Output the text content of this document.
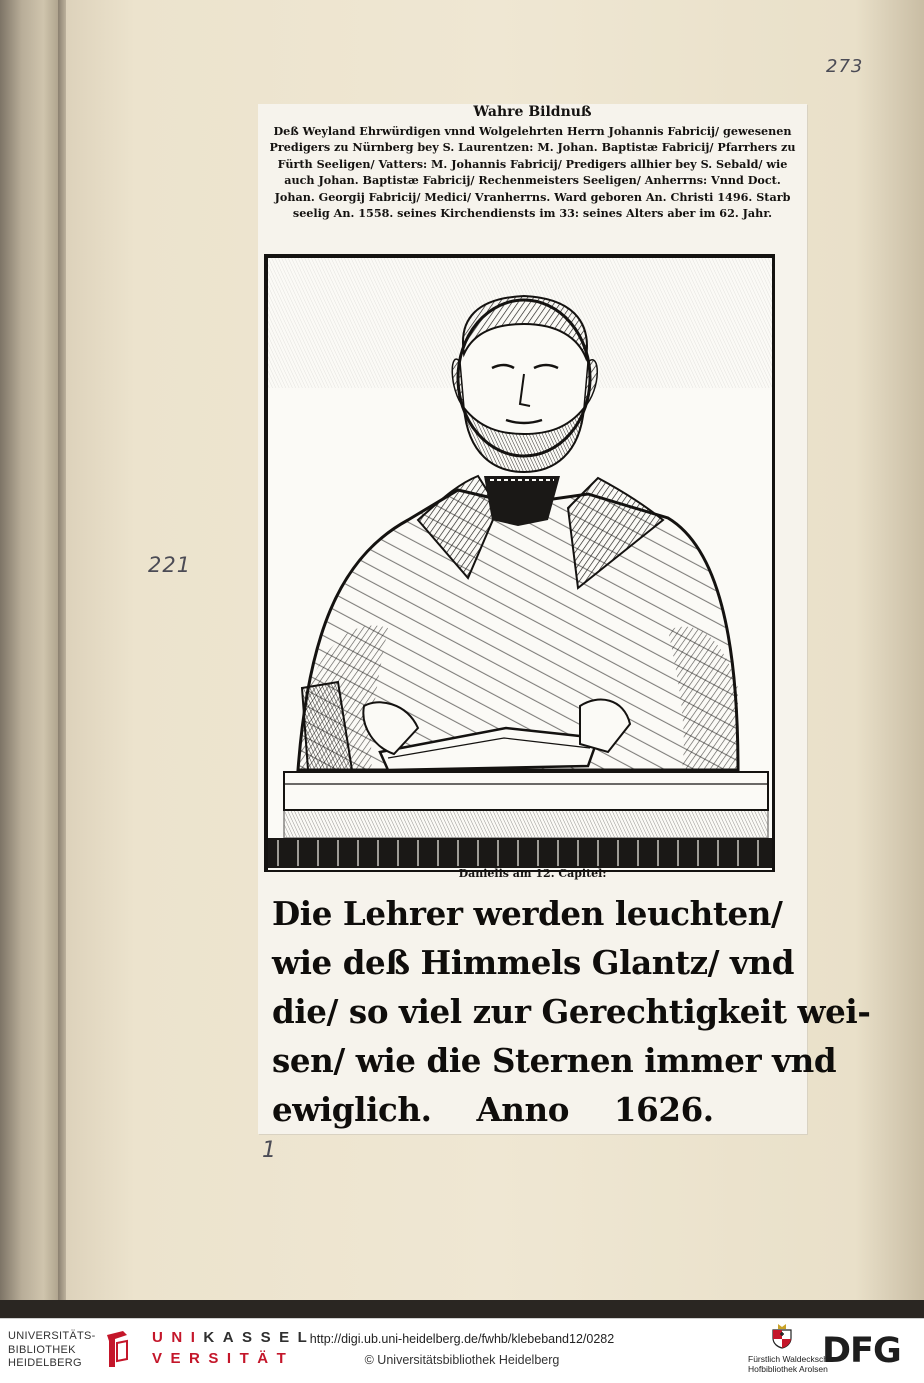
273
221
1
Wahre Bildnuß
Deß Weyland Ehrwürdigen vnnd Wolgelehrten Herrn Johannis Fabricij/ gewesenen Predigers zu Nürnberg bey S. Laurentzen: M. Johan. Baptistæ Fabricij/ Pfarrhers zu Fürth Seeligen/ Vatters: M. Johannis Fabricij/ Predigers allhier bey S. Sebald/ wie auch Johan. Baptistæ Fabricij/ Rechenmeisters Seeligen/ Anherrns: Vnnd Doct. Johan. Georgij Fabricij/ Medici/ Vranherrns. Ward geboren An. Christi 1496. Starb seelig An. 1558. seines Kirchendiensts im 33: seines Alters aber im 62. Jahr.
Danielis am 12. Capitel:
Die Lehrer werden leuchten/
wie deß Himmels Glantz/ vnd
die/ so viel zur Gerechtigkeit wei-
sen/ wie die Sternen immer vnd
ewiglich. Anno 1626.
UNIVERSITÄTS-
BIBLIOTHEK
HEIDELBERG
UNIKASSEL
VERSITÄT
http://digi.ub.uni-heidelberg.de/fwhb/klebeband12/0282
© Universitätsbibliothek Heidelberg	Fürstlich Waldecksche
Hofbibliothek Arolsen
DFG
